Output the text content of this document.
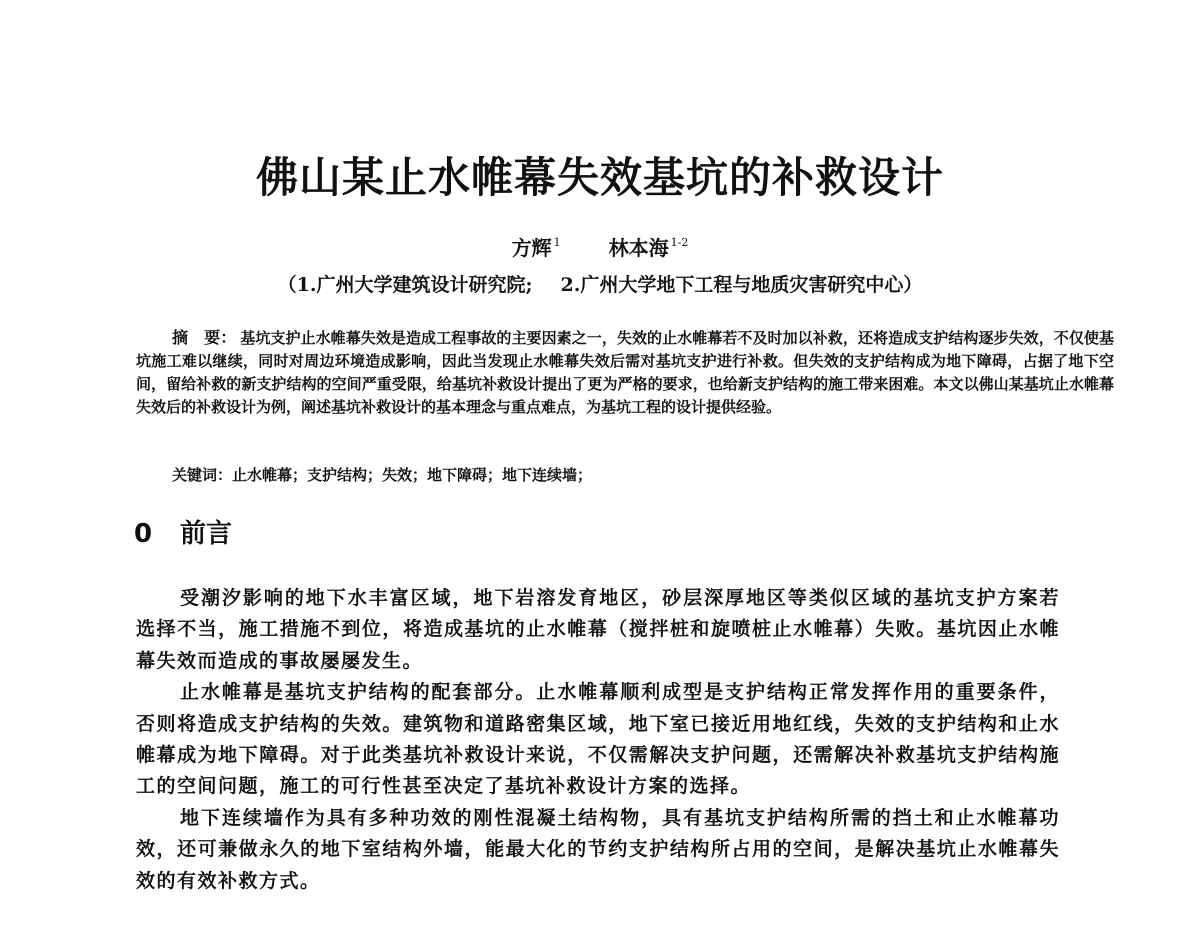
佛山某止水帷幕失效基坑的补救设计
方辉 $^1$ 林本海 $^{1-2}$
（1.广州大学建筑设计研究院; 2.广州大学地下工程与地质灾害研究中心）

摘　要： 基坑支护止水帷幕失效是造成工程事故的主要因素之一，失效的止水帷幕若不及时加以补救，还将造成支护结构逐步失效，不仅使基坑施工难以继续，同时对周边环境造成影响，因此当发现止水帷幕失效后需对基坑支护进行补救。但失效的支护结构成为地下障碍，占据了地下空间，留给补救的新支护结构的空间严重受限，给基坑补救设计提出了更为严格的要求，也给新支护结构的施工带来困难。本文以佛山某基坑止水帷幕失效后的补救设计为例，阐述基坑补救设计的基本理念与重点难点，为基坑工程的设计提供经验。

关键词：止水帷幕；支护结构；失效；地下障碍；地下连续墙；

0 前言

受潮汐影响的地下水丰富区域，地下岩溶发育地区，砂层深厚地区等类似区域的基坑支护方案若选择不当，施工措施不到位，将造成基坑的止水帷幕（搅拌桩和旋喷桩止水帷幕）失败。基坑因止水帷幕失效而造成的事故屡屡发生。

止水帷幕是基坑支护结构的配套部分。止水帷幕顺利成型是支护结构正常发挥作用的重要条件，否则将造成支护结构的失效。建筑物和道路密集区域，地下室已接近用地红线，失效的支护结构和止水帷幕成为地下障碍。对于此类基坑补救设计来说，不仅需解决支护问题，还需解决补救基坑支护结构施工的空间问题，施工的可行性甚至决定了基坑补救设计方案的选择。

地下连续墙作为具有多种功效的刚性混凝土结构物，具有基坑支护结构所需的挡土和止水帷幕功效，还可兼做永久的地下室结构外墙，能最大化的节约支护结构所占用的空间，是解决基坑止水帷幕失效的有效补救方式。
